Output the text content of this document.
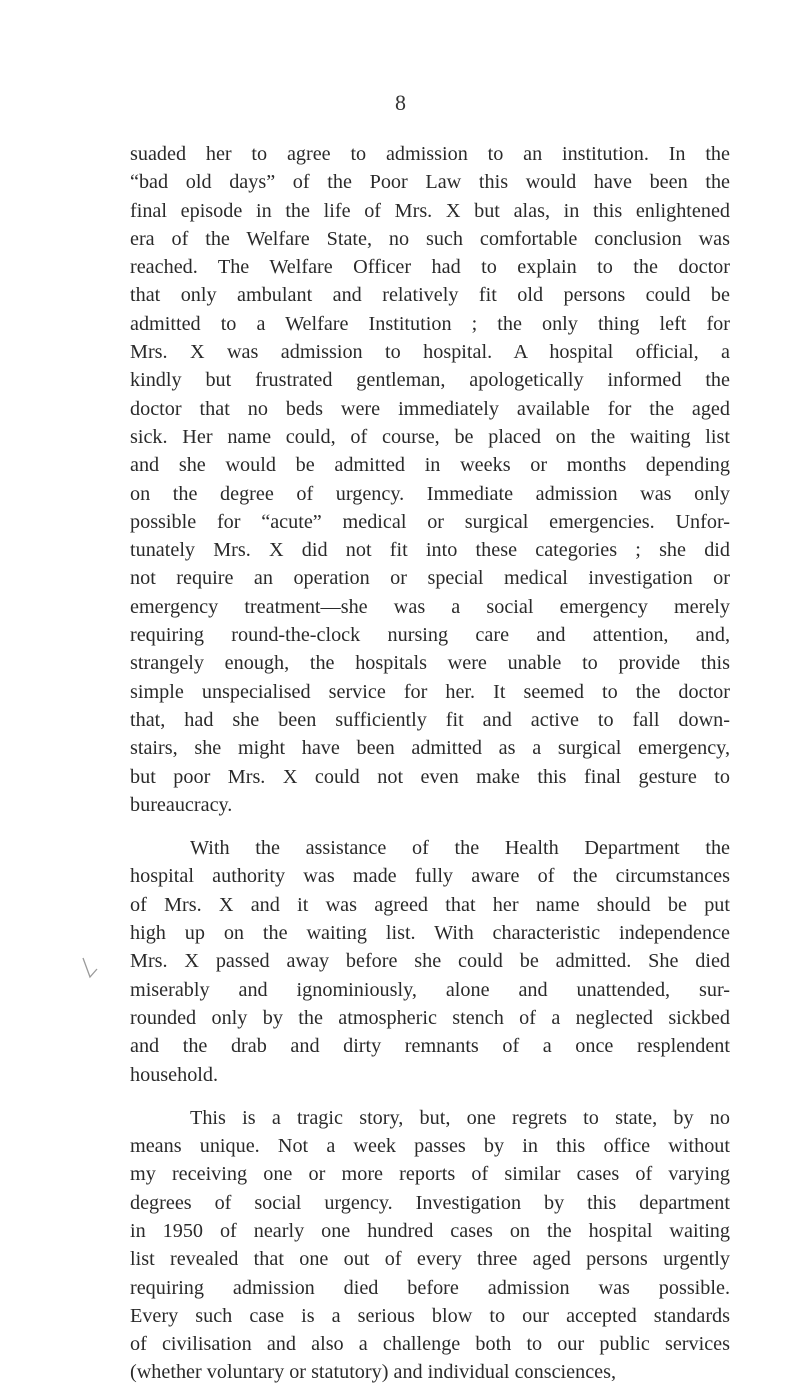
8
suaded her to agree to admission to an institution. In the
“bad old days” of the Poor Law this would have been the
final episode in the life of Mrs. X but alas, in this enlightened
era of the Welfare State, no such comfortable conclusion was
reached. The Welfare Officer had to explain to the doctor
that only ambulant and relatively fit old persons could be
admitted to a Welfare Institution ; the only thing left for
Mrs. X was admission to hospital. A hospital official, a
kindly but frustrated gentleman, apologetically informed the
doctor that no beds were immediately available for the aged
sick. Her name could, of course, be placed on the waiting list
and she would be admitted in weeks or months depending
on the degree of urgency. Immediate admission was only
possible for “acute” medical or surgical emergencies. Unfor-
tunately Mrs. X did not fit into these categories ; she did
not require an operation or special medical investigation or
emergency treatment—she was a social emergency merely
requiring round-the-clock nursing care and attention, and,
strangely enough, the hospitals were unable to provide this
simple unspecialised service for her. It seemed to the doctor
that, had she been sufficiently fit and active to fall down-
stairs, she might have been admitted as a surgical emergency,
but poor Mrs. X could not even make this final gesture to
bureaucracy.
With the assistance of the Health Department the
hospital authority was made fully aware of the circumstances
of Mrs. X and it was agreed that her name should be put
high up on the waiting list. With characteristic independence
Mrs. X passed away before she could be admitted. She died
miserably and ignominiously, alone and unattended, sur-
rounded only by the atmospheric stench of a neglected sickbed
and the drab and dirty remnants of a once resplendent
household.
This is a tragic story, but, one regrets to state, by no
means unique. Not a week passes by in this office without
my receiving one or more reports of similar cases of varying
degrees of social urgency. Investigation by this department
in 1950 of nearly one hundred cases on the hospital waiting
list revealed that one out of every three aged persons urgently
requiring admission died before admission was possible.
Every such case is a serious blow to our accepted standards
of civilisation and also a challenge both to our public services
(whether voluntary or statutory) and individual consciences,
